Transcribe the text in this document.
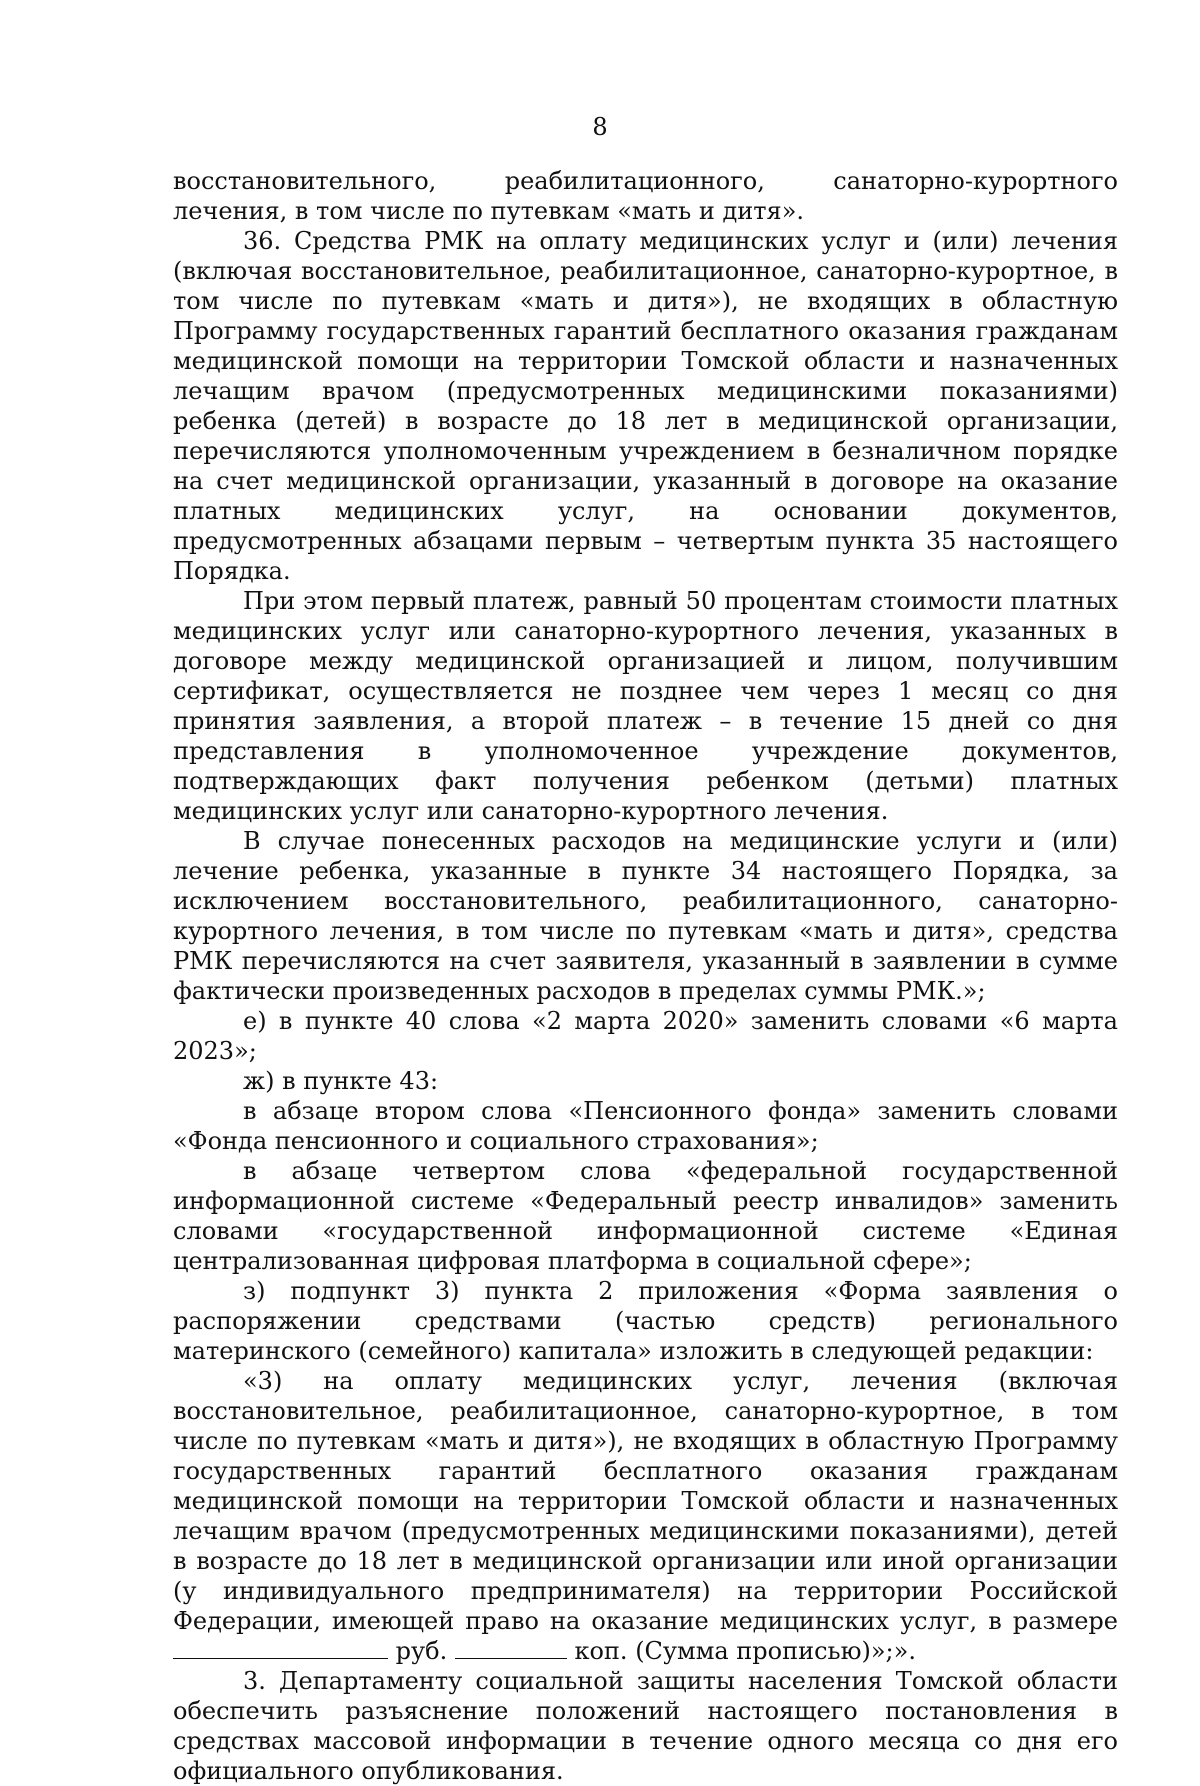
8

восстановительного, реабилитационного, санаторно-курортного лечения, в том числе по путевкам «мать и дитя».

36. Средства РМК на оплату медицинских услуг и (или) лечения (включая восстановительное, реабилитационное, санаторно-курортное, в том числе по путевкам «мать и дитя»), не входящих в областную Программу государственных гарантий бесплатного оказания гражданам медицинской помощи на территории Томской области и назначенных лечащим врачом (предусмотренных медицинскими показаниями) ребенка (детей) в возрасте до 18 лет в медицинской организации, перечисляются уполномоченным учреждением в безналичном порядке на счет медицинской организации, указанный в договоре на оказание платных медицинских услуг, на основании документов, предусмотренных абзацами первым – четвертым пункта 35 настоящего Порядка.

При этом первый платеж, равный 50 процентам стоимости платных медицинских услуг или санаторно-курортного лечения, указанных в договоре между медицинской организацией и лицом, получившим сертификат, осуществляется не позднее чем через 1 месяц со дня принятия заявления, а второй платеж – в течение 15 дней со дня представления в уполномоченное учреждение документов, подтверждающих факт получения ребенком (детьми) платных медицинских услуг или санаторно-курортного лечения.

В случае понесенных расходов на медицинские услуги и (или) лечение ребенка, указанные в пункте 34 настоящего Порядка, за исключением восстановительного, реабилитационного, санаторно-курортного лечения, в том числе по путевкам «мать и дитя», средства РМК перечисляются на счет заявителя, указанный в заявлении в сумме фактически произведенных расходов в пределах суммы РМК.»;

е) в пункте 40 слова «2 марта 2020» заменить словами «6 марта 2023»;

ж) в пункте 43:

в абзаце втором слова «Пенсионного фонда» заменить словами «Фонда пенсионного и социального страхования»;

в абзаце четвертом слова «федеральной государственной информационной системе «Федеральный реестр инвалидов» заменить словами «государственной информационной системе «Единая централизованная цифровая платформа в социальной сфере»;

з) подпункт 3) пункта 2 приложения «Форма заявления о распоряжении средствами (частью средств) регионального материнского (семейного) капитала» изложить в следующей редакции:

«3) на оплату медицинских услуг, лечения (включая восстановительное, реабилитационное, санаторно-курортное, в том числе по путевкам «мать и дитя»), не входящих в областную Программу государственных гарантий бесплатного оказания гражданам медицинской помощи на территории Томской области и назначенных лечащим врачом (предусмотренных медицинскими показаниями), детей в возрасте до 18 лет в медицинской организации или иной организации (у индивидуального предпринимателя) на территории Российской Федерации, имеющей право на оказание медицинских услуг, в размере  руб.	коп. (Сумма прописью)»;».

3. Департаменту социальной защиты населения Томской области обеспечить разъяснение положений настоящего постановления в средствах массовой информации в течение одного месяца со дня его официального опубликования.
